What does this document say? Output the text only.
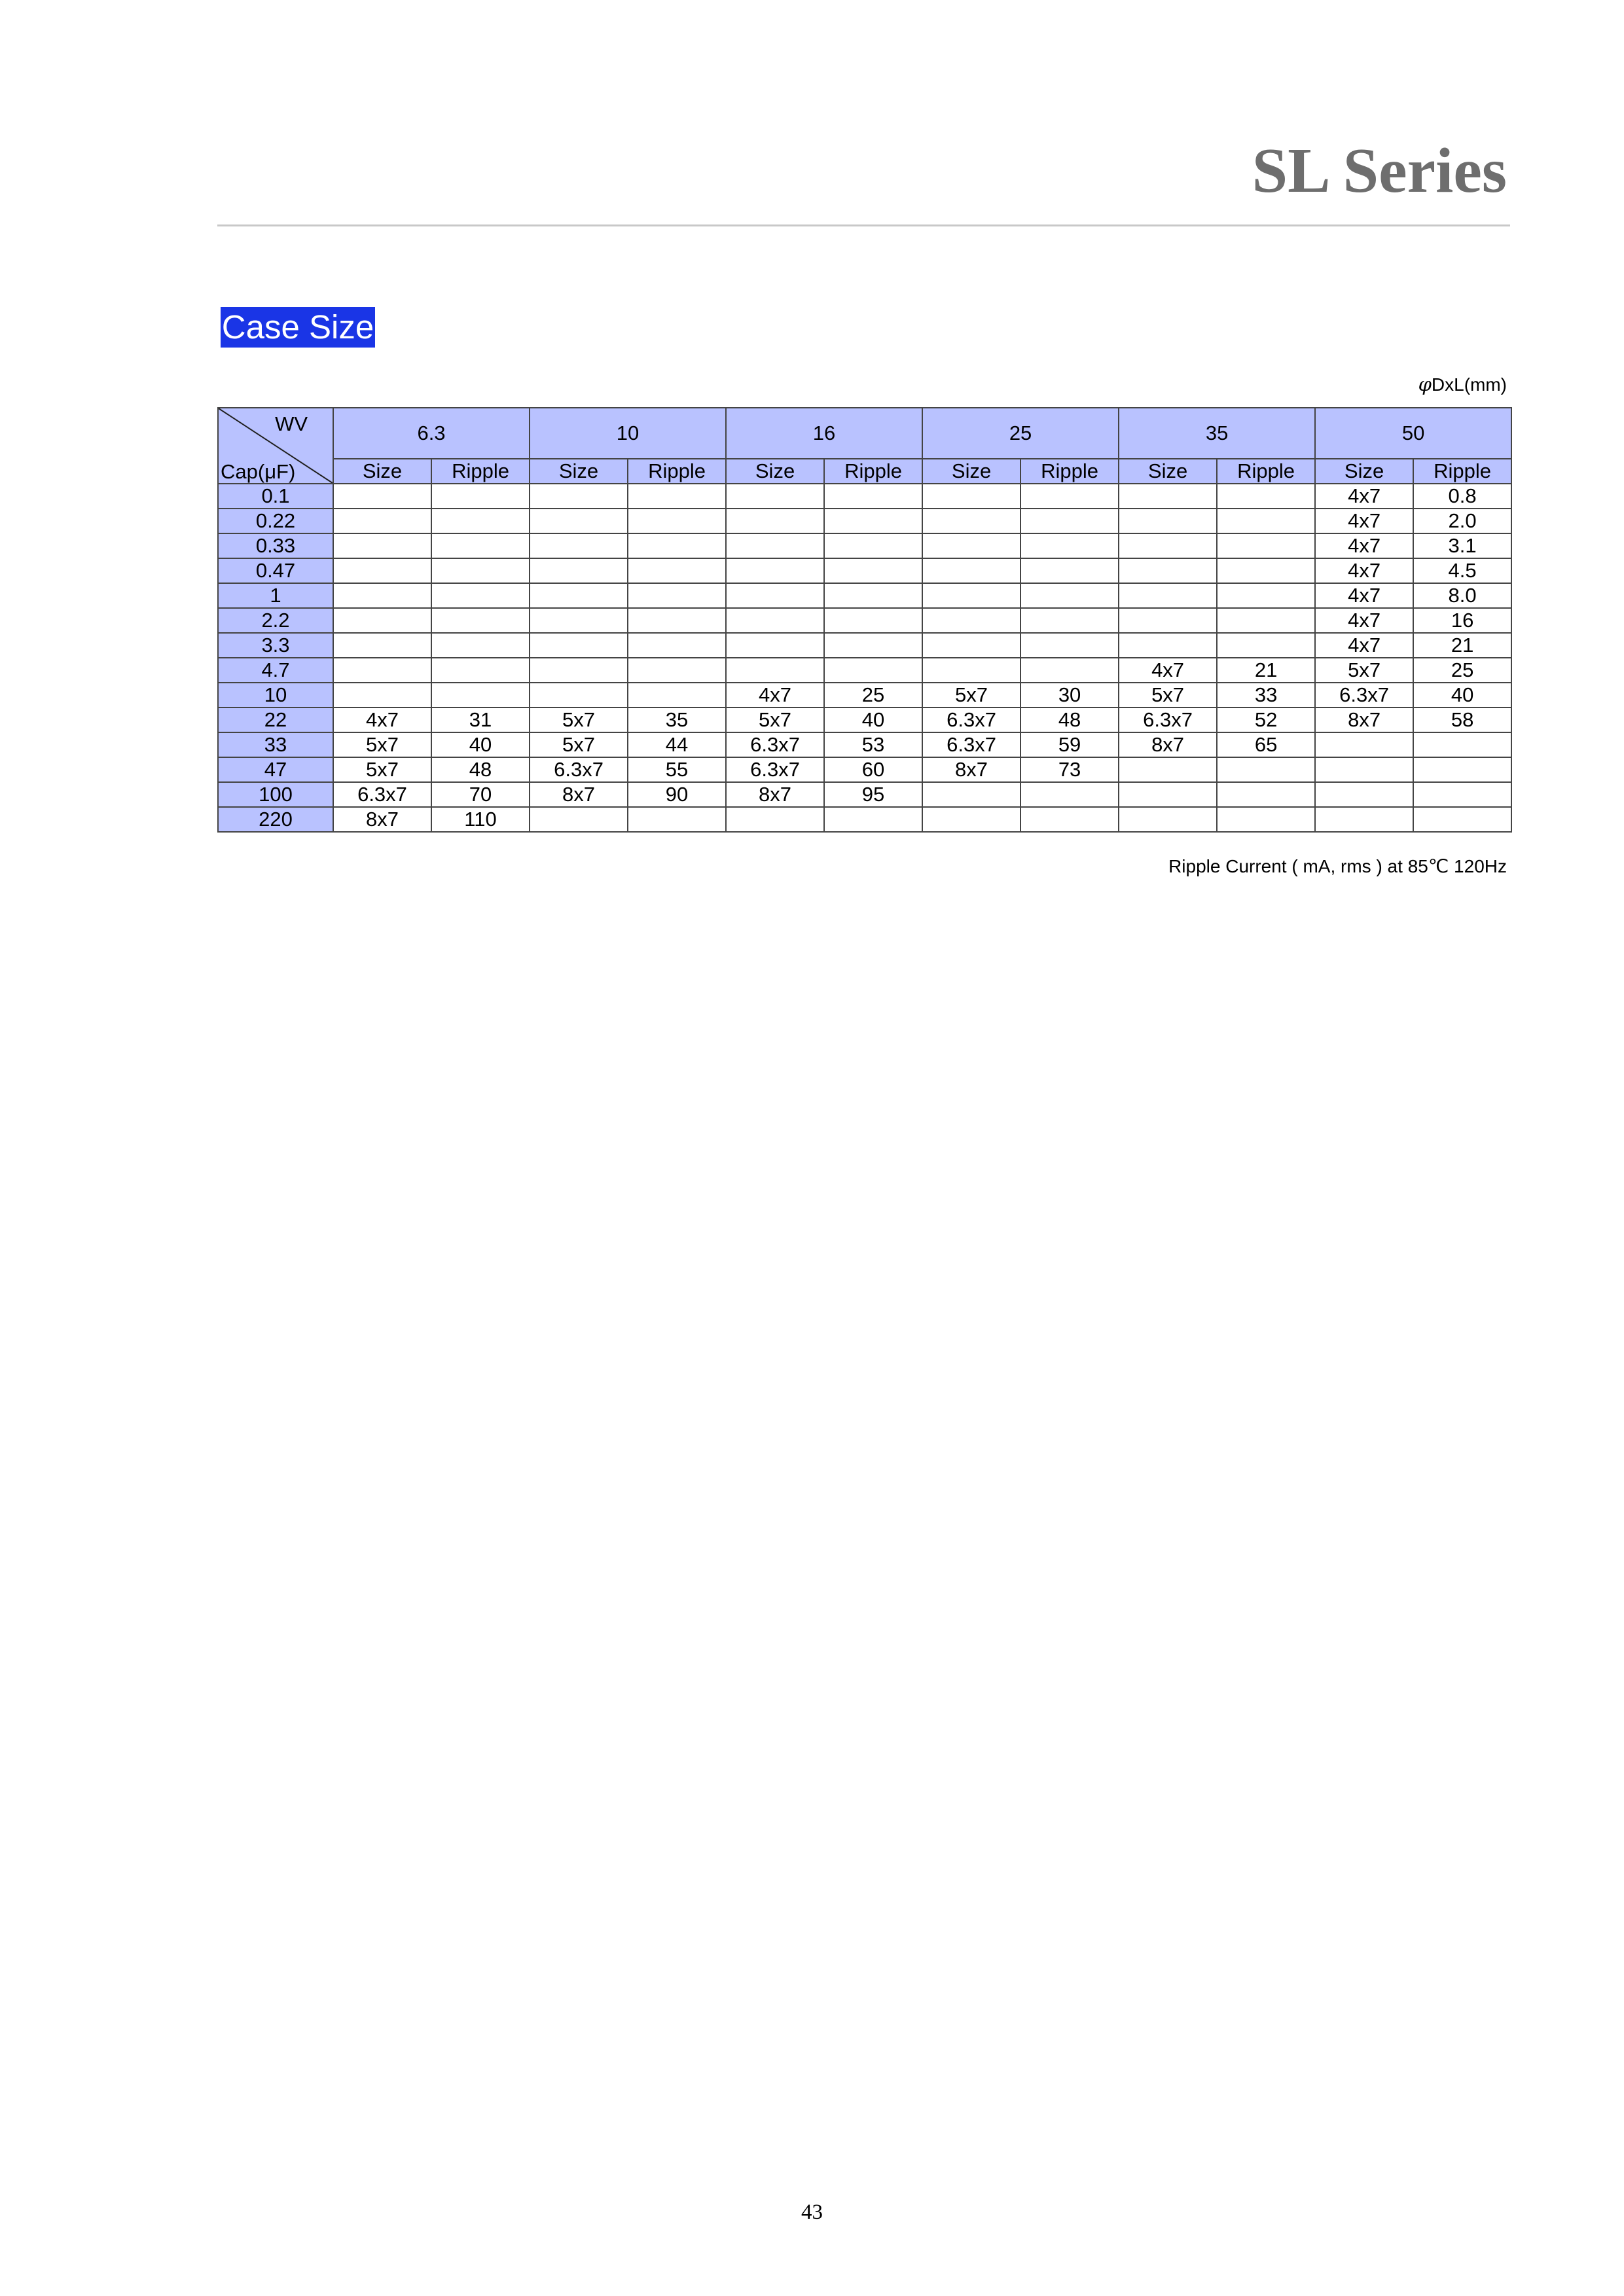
SL Series
Case Size
φDxL(mm)
WV
Cap(μF)	6.3		10		16		25		35		50	
	Size	Ripple	Size	Ripple	Size	Ripple	Size	Ripple	Size	Ripple	Size	Ripple
0.1											4x7	0.8
0.22											4x7	2.0
0.33											4x7	3.1
0.47											4x7	4.5
1											4x7	8.0
2.2											4x7	16
3.3											4x7	21
4.7									4x7	21	5x7	25
10					4x7	25	5x7	30	5x7	33	6.3x7	40
22	4x7	31	5x7	35	5x7	40	6.3x7	48	6.3x7	52	8x7	58
33	5x7	40	5x7	44	6.3x7	53	6.3x7	59	8x7	65		
47	5x7	48	6.3x7	55	6.3x7	60	8x7	73				
100	6.3x7	70	8x7	90	8x7	95						
220	8x7	110										
Ripple Current ( mA, rms ) at 85℃ 120Hz
43
